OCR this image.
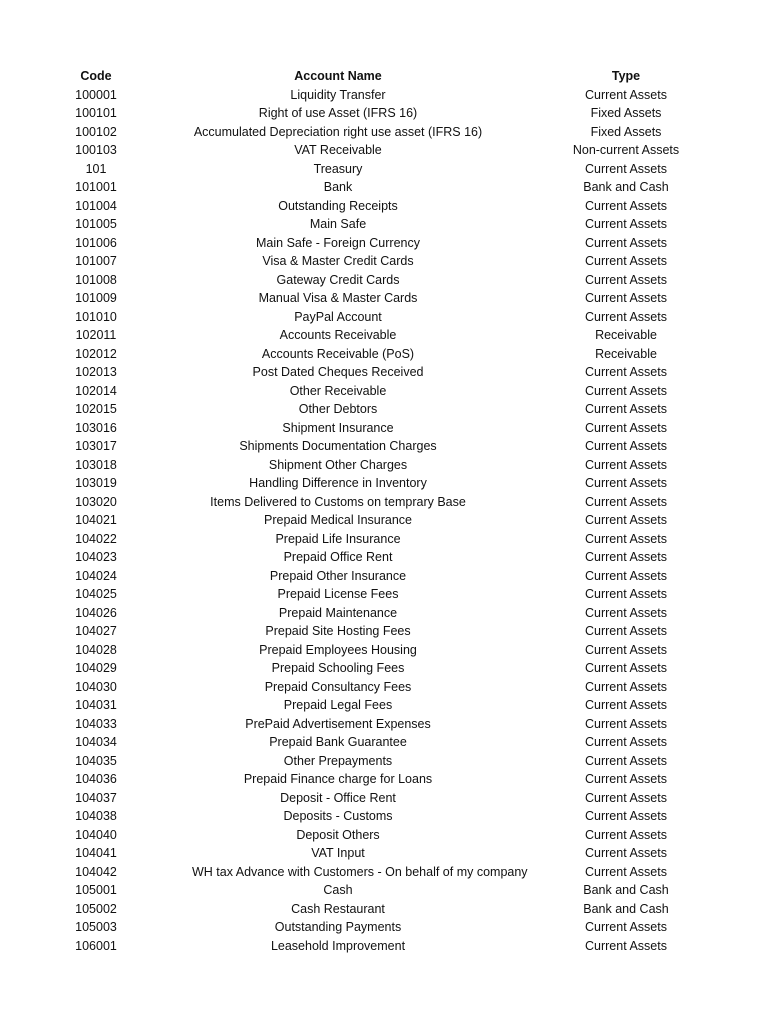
Code	Account Name	Type
100001	Liquidity Transfer	Current Assets
100101	Right of use Asset (IFRS 16)	Fixed Assets
100102	Accumulated Depreciation right use asset (IFRS 16)	Fixed Assets
100103	VAT Receivable	Non-current Assets
101	Treasury	Current Assets
101001	Bank	Bank and Cash
101004	Outstanding Receipts	Current Assets
101005	Main Safe	Current Assets
101006	Main Safe - Foreign Currency	Current Assets
101007	Visa & Master Credit Cards	Current Assets
101008	Gateway Credit Cards	Current Assets
101009	Manual Visa & Master Cards	Current Assets
101010	PayPal Account	Current Assets
102011	Accounts Receivable	Receivable
102012	Accounts Receivable (PoS)	Receivable
102013	Post Dated Cheques Received	Current Assets
102014	Other Receivable	Current Assets
102015	Other Debtors	Current Assets
103016	Shipment Insurance	Current Assets
103017	Shipments Documentation Charges	Current Assets
103018	Shipment Other Charges	Current Assets
103019	Handling Difference in Inventory	Current Assets
103020	Items Delivered to Customs on temprary Base	Current Assets
104021	Prepaid Medical Insurance	Current Assets
104022	Prepaid Life Insurance	Current Assets
104023	Prepaid Office Rent	Current Assets
104024	Prepaid Other Insurance	Current Assets
104025	Prepaid License Fees	Current Assets
104026	Prepaid Maintenance	Current Assets
104027	Prepaid Site Hosting Fees	Current Assets
104028	Prepaid Employees Housing	Current Assets
104029	Prepaid Schooling Fees	Current Assets
104030	Prepaid Consultancy Fees	Current Assets
104031	Prepaid Legal Fees	Current Assets
104033	PrePaid Advertisement Expenses	Current Assets
104034	Prepaid Bank Guarantee	Current Assets
104035	Other Prepayments	Current Assets
104036	Prepaid Finance charge for Loans	Current Assets
104037	Deposit - Office Rent	Current Assets
104038	Deposits - Customs	Current Assets
104040	Deposit Others	Current Assets
104041	VAT Input	Current Assets
104042	WH tax Advance with Customers - On behalf of my company	Current Assets
105001	Cash	Bank and Cash
105002	Cash Restaurant	Bank and Cash
105003	Outstanding Payments	Current Assets
106001	Leasehold Improvement	Current Assets
